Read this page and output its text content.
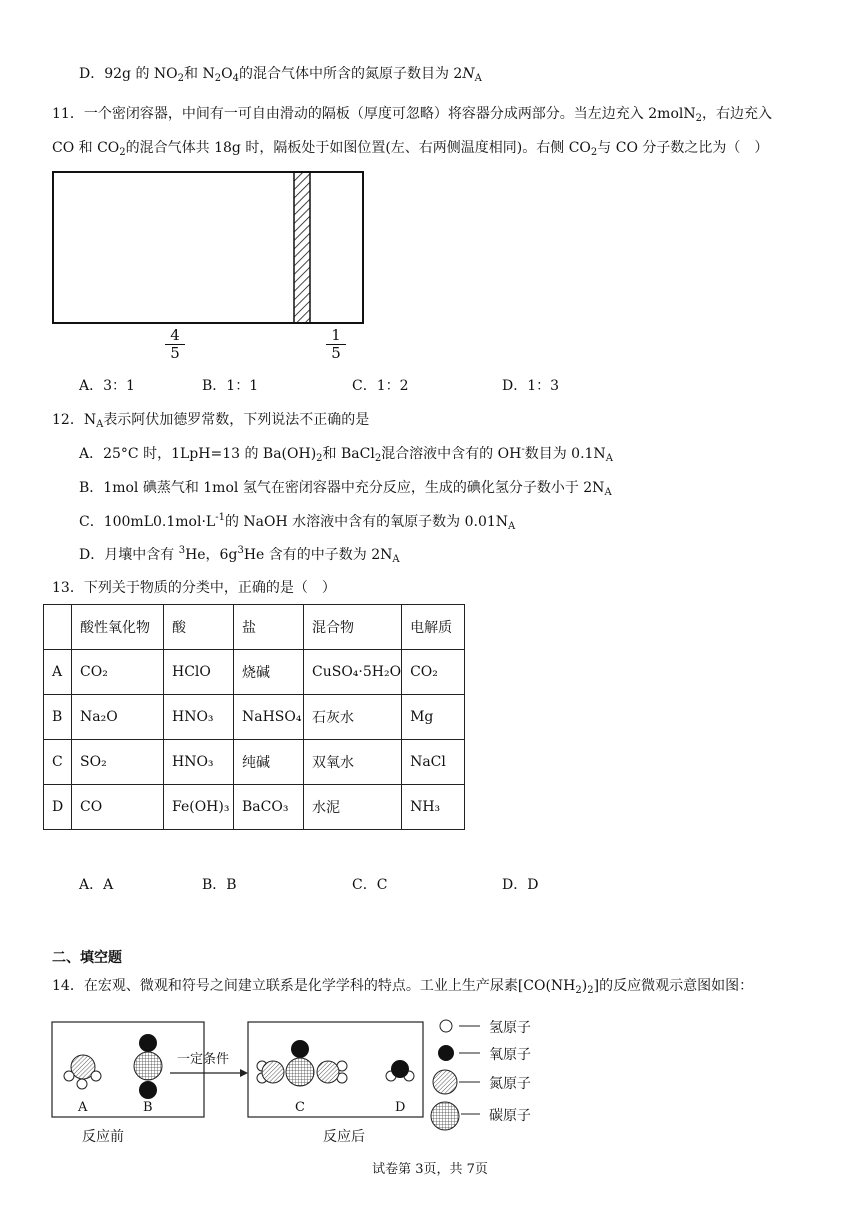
D．92g 的 $NO_2$和 $N_2O_4$的混合气体中所含的氮原子数目为 $2N_A$
11．一个密闭容器，中间有一可自由滑动的隔板（厚度可忽略）将容器分成两部分。当左边充入 2molN$_2$，右边充入
CO 和 $CO_2$的混合气体共 18g 时，隔板处于如图位置(左、右两侧温度相同)。右侧 $CO_2$与 CO 分子数之比为（　）
$\frac{4}{5}$	$\frac{1}{5}$
A．3：1	B．1：1	C．1：2	D．1：3
12．$N_A$表示阿伏加德罗常数，下列说法不正确的是
A．25°C 时，1LpH=13 的 $Ba(OH)_2$和 BaCl$_2$混合溶液中含有的 OH-数目为 $0.1N_A$
B．1mol 碘蒸气和 1mol 氢气在密闭容器中充分反应，生成的碘化氢分子数小于 $2N_A$
C．$100mL0.1mol\cdot L^{-1}$的 NaOH 水溶液中含有的氧原子数为 $0.01N_A$
D．月壤中含有 $^3$He，$6g^3He$ 含有的中子数为 $2N_A$
13．下列关于物质的分类中，正确的是（　）
	酸性氧化物	酸	盐	混合物	电解质
A	CO₂	HClO	烧碱	CuSO₄·5H₂O	CO₂
B	Na₂O	HNO₃	NaHSO₄	石灰水	Mg
C	SO₂	HNO₃	纯碱	双氧水	NaCl
D	CO	Fe(OH)₃	BaCO₃	水泥	NH₃
A．A	B．B	C．C	D．D
二、填空题
14．在宏观、微观和符号之间建立联系是化学学科的特点。工业上生产尿素$[CO(NH_2)_2]$的反应微观示意图如图：
一定条件
A	B	C	D
反应前	反应后
氢原子
氧原子
氮原子
碳原子
试卷第 3页，共 7页
